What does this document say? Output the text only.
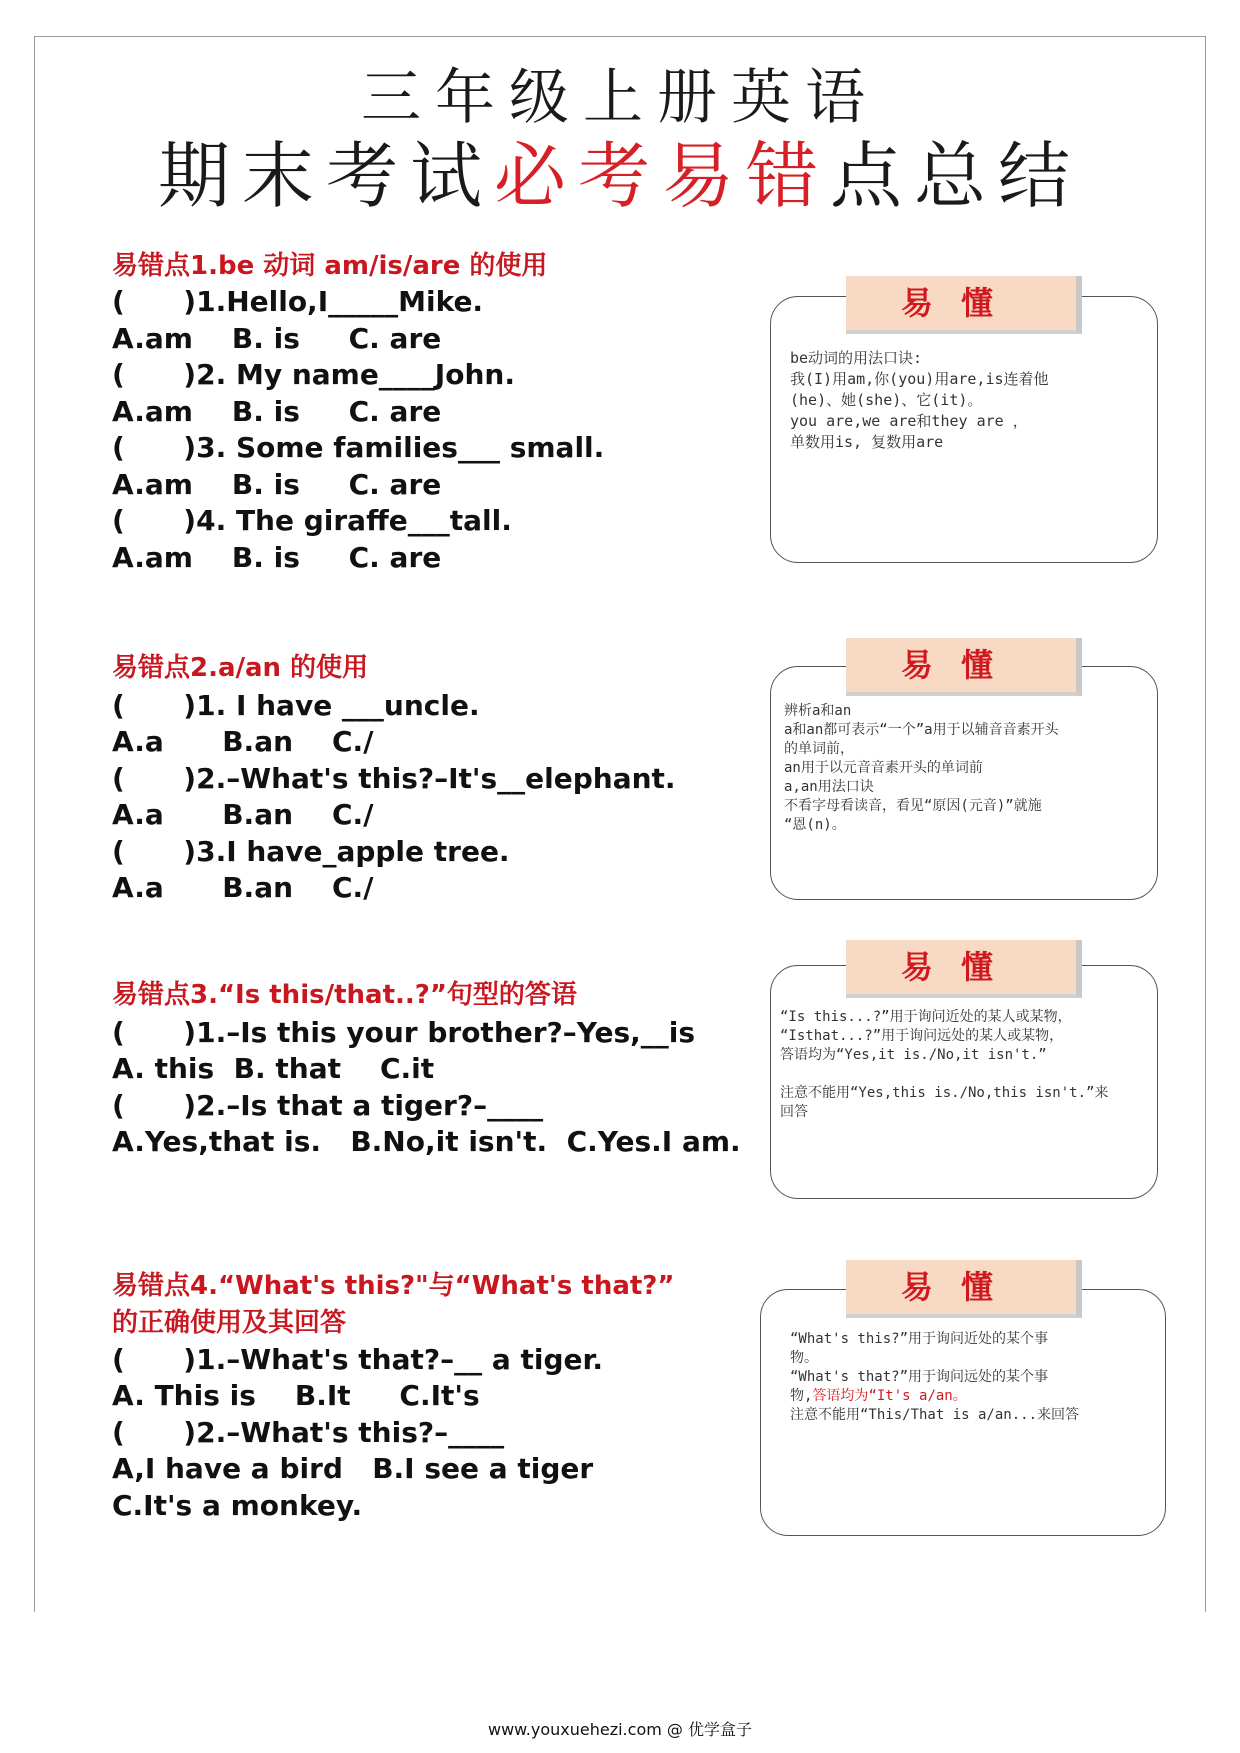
三年级上册英语
期末考试必考易错点总结
易错点1.be 动词 am/is/are 的使用
(      )1.Hello,I_____Mike.
A.am    B. is     C. are
(      )2. My name____John.
A.am    B. is     C. are
(      )3. Some families___ small.
A.am    B. is     C. are
(      )4. The giraffe___tall.
A.am    B. is     C. are
易懂
be动词的用法口诀:
我(I)用am,你(you)用are,is连着他
(he)、她(she)、它(it)。
you are,we are和they are ，
单数用is, 复数用are
易错点2.a/an 的使用
(      )1. I have ___uncle.
A.a      B.an    C./
(      )2.–What's this?–It's__elephant.
A.a      B.an    C./
(      )3.I have_apple tree.
A.a      B.an    C./
易懂
辨析a和an
a和an都可表示“一个”a用于以辅音音素开头
的单词前，
an用于以元音音素开头的单词前
a,an用法口诀
不看字母看读音，看见“原因(元音)”就施
“恩(n)。
易错点3.“Is this/that..?”句型的答语
(      )1.–Is this your brother?–Yes,__is
A. this  B. that    C.it
(      )2.–Is that a tiger?–____
A.Yes,that is.   B.No,it isn't.  C.Yes.I am.
易懂
“Is this...?”用于询问近处的某人或某物，
“Isthat...?”用于询问远处的某人或某物，
答语均为“Yes,it is./No,it isn't.”
注意不能用“Yes,this is./No,this isn't.”来
回答
易错点4.“What's this?"与“What's that?”
的正确使用及其回答
(      )1.–What's that?–__ a tiger.
A. This is    B.It     C.It's
(      )2.–What's this?–____
A,I have a bird   B.I see a tiger
C.It's a monkey.
易懂
“What's this?”用于询问近处的某个事
物。
“What's that?”用于询问远处的某个事
物,答语均为“It's a/an。
注意不能用“This/That is a/an...来回答
www.youxuehezi.com @ 优学盒子
